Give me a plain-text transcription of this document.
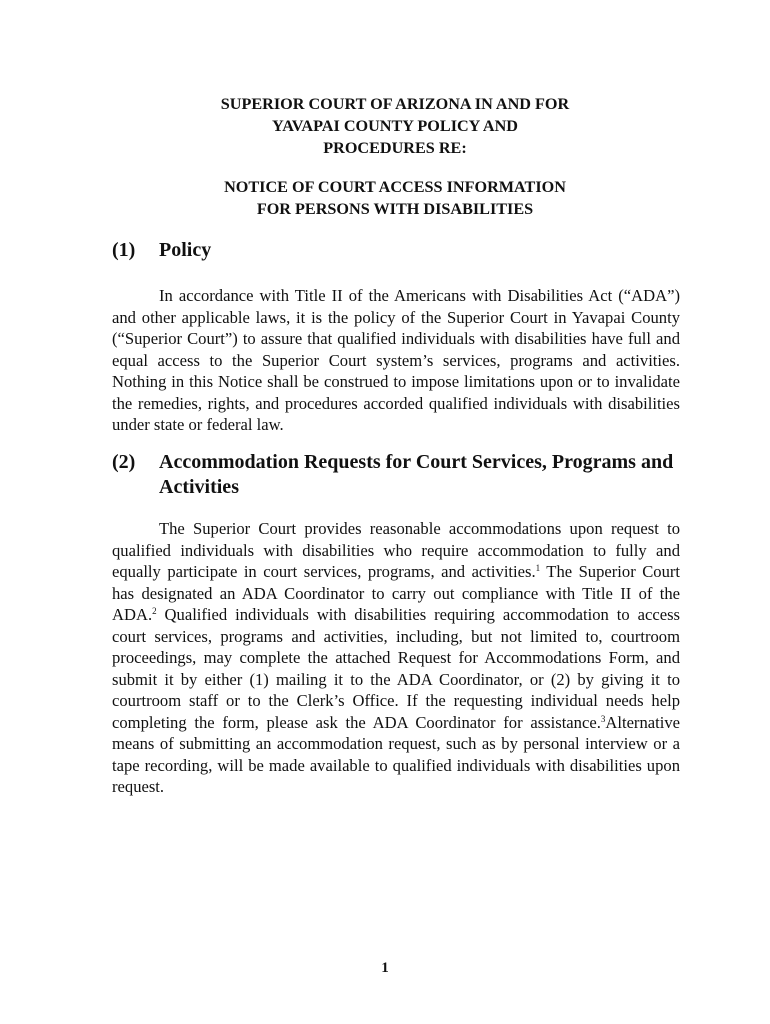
SUPERIOR COURT OF ARIZONA IN AND FOR
YAVAPAI COUNTY POLICY AND
PROCEDURES RE:
NOTICE OF COURT ACCESS INFORMATION
FOR PERSONS WITH DISABILITIES
(1) Policy

In accordance with Title II of the Americans with Disabilities Act (“ADA”) and other applicable laws, it is the policy of the Superior Court in Yavapai County (“Superior Court”) to assure that qualified individuals with disabilities have full and equal access to the Superior Court system’s services, programs and activities. Nothing in this Notice shall be construed to impose limitations upon or to invalidate the remedies, rights, and procedures accorded qualified individuals with disabilities under state or federal law.

(2) Accommodation Requests for Court Services, Programs and Activities

The Superior Court provides reasonable accommodations upon request to qualified individuals with disabilities who require accommodation to fully and equally participate in court services, programs, and activities.$^1$ The Superior Court has designated an ADA Coordinator to carry out compliance with Title II of the ADA.$^2$ Qualified individuals with disabilities requiring accommodation to access court services, programs and activities, including, but not limited to, courtroom proceedings, may complete the attached Request for Accommodations Form, and submit it by either (1) mailing it to the ADA Coordinator, or (2) by giving it to courtroom staff or to the Clerk’s Office. If the requesting individual needs help completing the form, please ask the ADA Coordinator for assistance.$^3$Alternative means of submitting an accommodation request, such as by personal interview or a tape recording, will be made available to qualified individuals with disabilities upon request.

1
